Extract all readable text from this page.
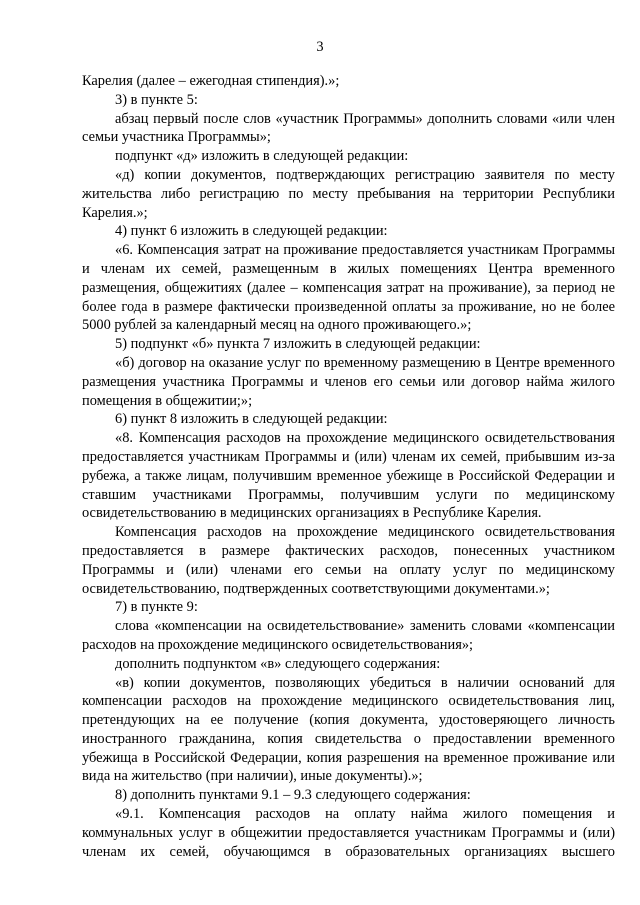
3

Карелия (далее – ежегодная стипендия).»;

3) в пункте 5:

абзац первый после слов «участник Программы» дополнить словами «или член семьи участника Программы»;

подпункт «д» изложить в следующей редакции:

«д) копии документов, подтверждающих регистрацию заявителя по месту жительства либо регистрацию по месту пребывания на территории Республики Карелия.»;

4) пункт 6 изложить в следующей редакции:

«6. Компенсация затрат на проживание предоставляется участникам Программы и членам их семей, размещенным в жилых помещениях Центра временного размещения, общежитиях (далее – компенсация затрат на проживание), за период не более года в размере фактически произведенной оплаты за проживание, но не более 5000 рублей за календарный месяц на одного проживающего.»;

5) подпункт «б» пункта 7 изложить в следующей редакции:

«б) договор на оказание услуг по временному размещению в Центре временного размещения участника Программы и членов его семьи или договор найма жилого помещения в общежитии;»;

6) пункт 8 изложить в следующей редакции:

«8. Компенсация расходов на прохождение медицинского освидетельствования предоставляется участникам Программы и (или) членам их семей, прибывшим из-за рубежа, а также лицам, получившим временное убежище в Российской Федерации и ставшим участниками Программы, получившим услуги по медицинскому освидетельствованию в медицинских организациях в Республике Карелия.

Компенсация расходов на прохождение медицинского освидетельствования предоставляется в размере фактических расходов, понесенных участником Программы и (или) членами его семьи на оплату услуг по медицинскому освидетельствованию, подтвержденных соответствующими документами.»;

7) в пункте 9:

слова «компенсации на освидетельствование» заменить словами «компенсации расходов на прохождение медицинского освидетельствования»;

дополнить подпунктом «в» следующего содержания:

«в) копии документов, позволяющих убедиться в наличии оснований для компенсации расходов на прохождение медицинского освидетельствования лиц, претендующих на ее получение (копия документа, удостоверяющего личность иностранного гражданина, копия свидетельства о предоставлении временного убежища в Российской Федерации, копия разрешения на временное проживание или вида на жительство (при наличии), иные документы).»;

8) дополнить пунктами 9.1 – 9.3 следующего содержания:

«9.1. Компенсация расходов на оплату найма жилого помещения и коммунальных услуг в общежитии предоставляется участникам Программы и (или) членам их семей, обучающимся в образовательных организациях высшего
